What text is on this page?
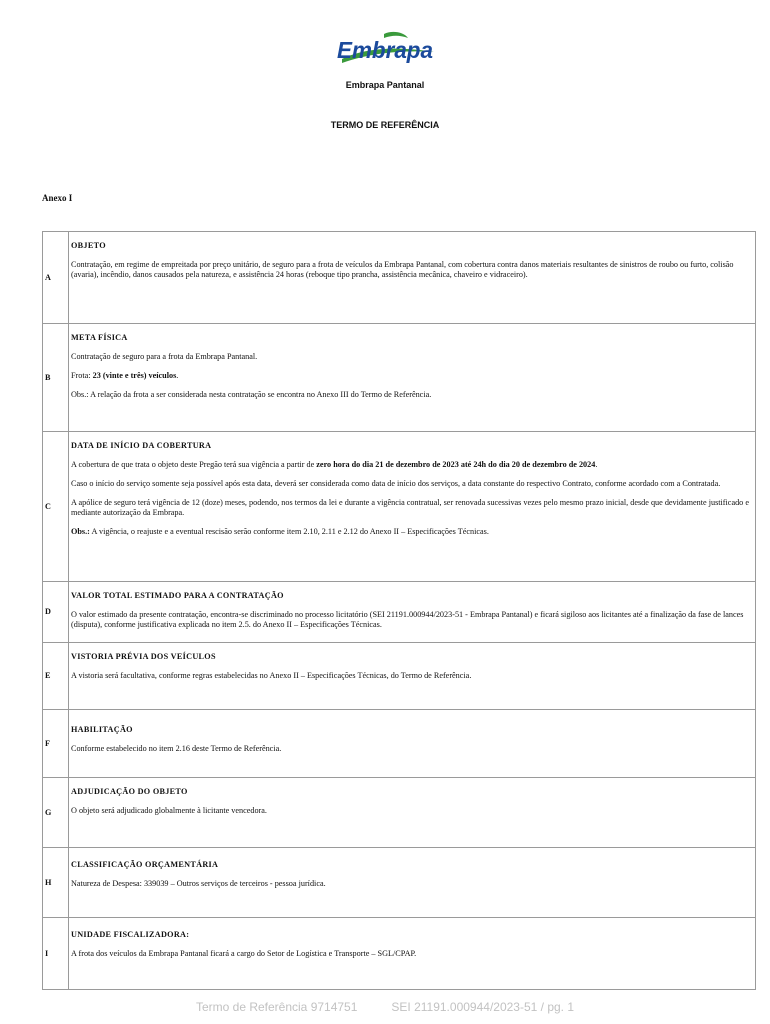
Embrapa
Embrapa Pantanal
TERMO DE REFERÊNCIA
Anexo I
A	OBJETO
Contratação, em regime de empreitada por preço unitário, de seguro para a frota de veículos da Embrapa Pantanal, com cobertura contra danos materiais resultantes de sinistros de roubo ou furto, colisão (avaria), incêndio, danos causados pela natureza, e assistência 24 horas (reboque tipo prancha, assistência mecânica, chaveiro e vidraceiro).

B	META FÍSICA
Contratação de seguro para a frota da Embrapa Pantanal.
Frota: 23 (vinte e três) veículos.
Obs.: A relação da frota a ser considerada nesta contratação se encontra no Anexo III do Termo de Referência.

C	DATA DE INÍCIO DA COBERTURA
A cobertura de que trata o objeto deste Pregão terá sua vigência a partir de zero hora do dia 21 de dezembro de 2023 até 24h do dia 20 de dezembro de 2024.
Caso o início do serviço somente seja possível após esta data, deverá ser considerada como data de início dos serviços, a data constante do respectivo Contrato, conforme acordado com a Contratada.
A apólice de seguro terá vigência de 12 (doze) meses, podendo, nos termos da lei e durante a vigência contratual, ser renovada sucessivas vezes pelo mesmo prazo inicial, desde que devidamente justificado e mediante autorização da Embrapa.
Obs.: A vigência, o reajuste e a eventual rescisão serão conforme item 2.10, 2.11 e 2.12 do Anexo II – Especificações Técnicas.

D	VALOR TOTAL ESTIMADO PARA A CONTRATAÇÃO
O valor estimado da presente contratação, encontra-se discriminado no processo licitatório (SEI 21191.000944/2023-51 - Embrapa Pantanal) e ficará sigiloso aos licitantes até a finalização da fase de lances (disputa), conforme justificativa explicada no item 2.5. do Anexo II – Especificações Técnicas.

E	VISTORIA PRÉVIA DOS VEÍCULOS
A vistoria será facultativa, conforme regras estabelecidas no Anexo II – Especificações Técnicas, do Termo de Referência.

F	HABILITAÇÃO
Conforme estabelecido no item 2.16 deste Termo de Referência.

G	ADJUDICAÇÃO DO OBJETO
O objeto será adjudicado globalmente à licitante vencedora.

H	CLASSIFICAÇÃO ORÇAMENTÁRIA
Natureza de Despesa: 339039 – Outros serviços de terceiros - pessoa jurídica.

I	UNIDADE FISCALIZADORA:
A frota dos veículos da Embrapa Pantanal ficará a cargo do Setor de Logística e Transporte – SGL/CPAP.
Termo de Referência 9714751	SEI 21191.000944/2023-51 / pg. 1
